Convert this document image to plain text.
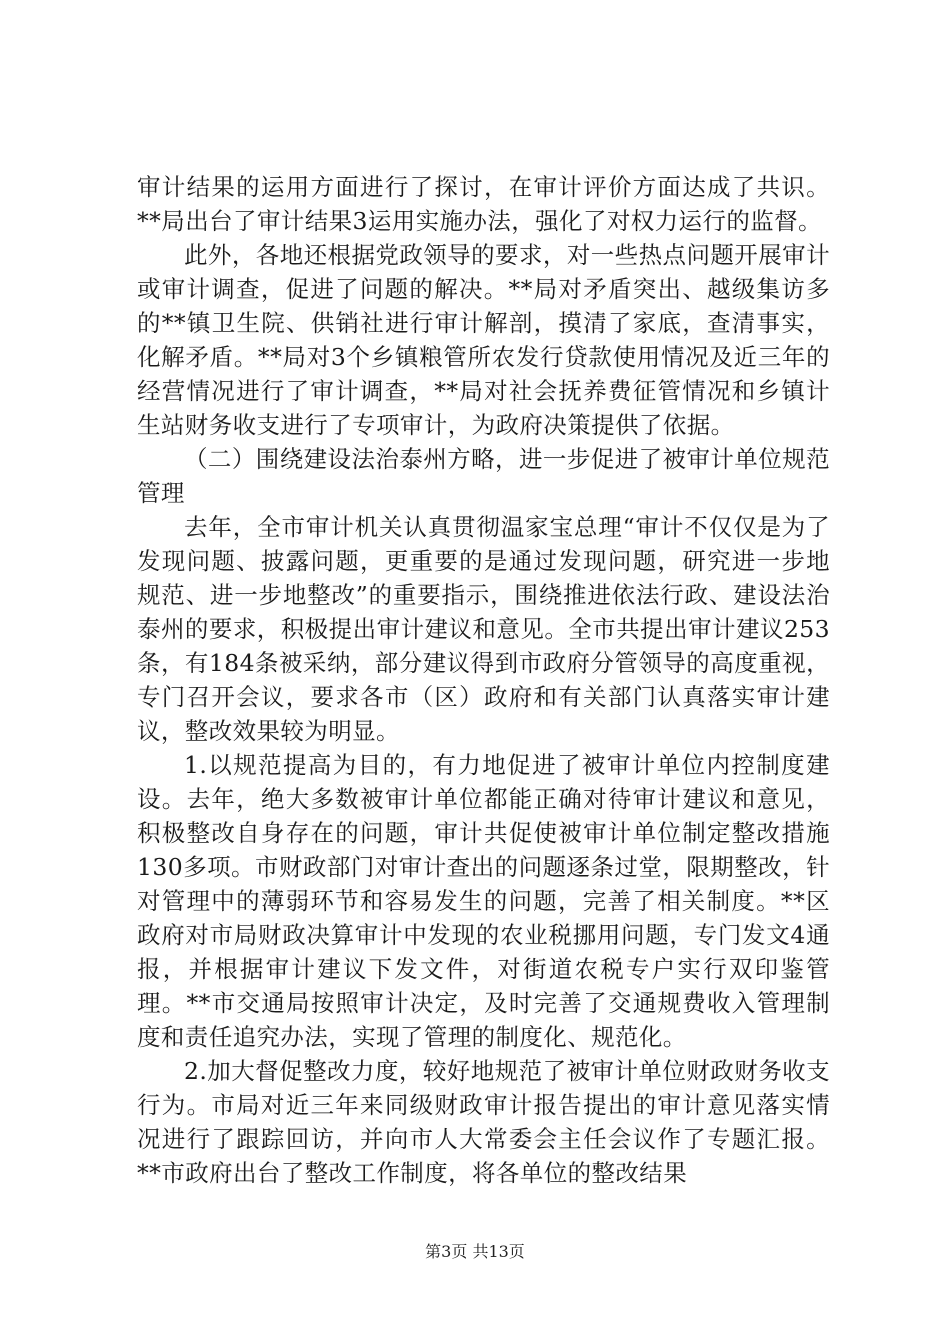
审计结果的运用方面进行了探讨，在审计评价方面达成了共识。**局出台了审计结果3运用实施办法，强化了对权力运行的监督。

此外，各地还根据党政领导的要求，对一些热点问题开展审计或审计调查，促进了问题的解决。**局对矛盾突出、越级集访多的**镇卫生院、供销社进行审计解剖，摸清了家底，查清事实，化解矛盾。**局对3个乡镇粮管所农发行贷款使用情况及近三年的经营情况进行了审计调查，**局对社会抚养费征管情况和乡镇计生站财务收支进行了专项审计，为政府决策提供了依据。

（二）围绕建设法治泰州方略，进一步促进了被审计单位规范管理

去年，全市审计机关认真贯彻温家宝总理“审计不仅仅是为了发现问题、披露问题，更重要的是通过发现问题，研究进一步地规范、进一步地整改”的重要指示，围绕推进依法行政、建设法治泰州的要求，积极提出审计建议和意见。全市共提出审计建议253条，有184条被采纳，部分建议得到市政府分管领导的高度重视，专门召开会议，要求各市（区）政府和有关部门认真落实审计建议，整改效果较为明显。

1.以规范提高为目的，有力地促进了被审计单位内控制度建设。去年，绝大多数被审计单位都能正确对待审计建议和意见，积极整改自身存在的问题，审计共促使被审计单位制定整改措施130多项。市财政部门对审计查出的问题逐条过堂，限期整改，针对管理中的薄弱环节和容易发生的问题，完善了相关制度。**区政府对市局财政决算审计中发现的农业税挪用问题，专门发文4通报，并根据审计建议下发文件，对街道农税专户实行双印鉴管理。**市交通局按照审计决定，及时完善了交通规费收入管理制度和责任追究办法，实现了管理的制度化、规范化。

2.加大督促整改力度，较好地规范了被审计单位财政财务收支行为。市局对近三年来同级财政审计报告提出的审计意见落实情况进行了跟踪回访，并向市人大常委会主任会议作了专题汇报。**市政府出台了整改工作制度，将各单位的整改结果

第3页 共13页
